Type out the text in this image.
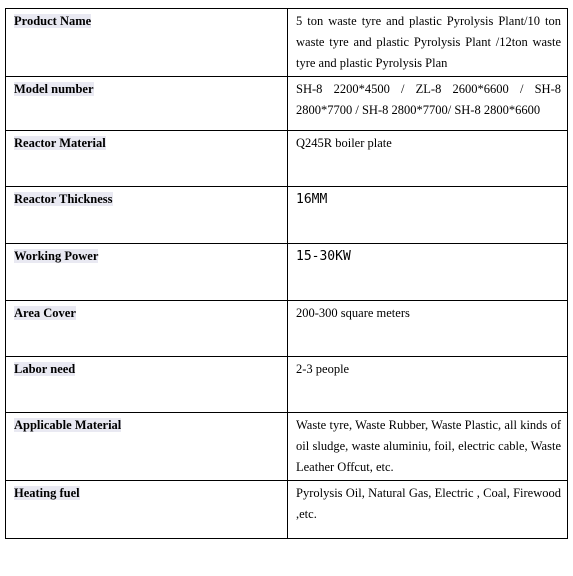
Product Name	5 ton waste tyre and plastic Pyrolysis Plant/10 ton waste tyre and plastic Pyrolysis Plant /12ton waste tyre and plastic Pyrolysis Plan
Model number	SH-8 2200*4500 / ZL-8 2600*6600 / SH-8 2800*7700 / SH-8 2800*7700/ SH-8 2800*6600
Reactor Material	Q245R boiler plate
Reactor Thickness	16MM
Working Power	15-30KW
Area Cover	200-300 square meters
Labor need	2-3 people
Applicable Material	Waste tyre, Waste Rubber, Waste Plastic, all kinds of oil sludge, waste aluminiu, foil, electric cable, Waste Leather Offcut, etc.
Heating fuel	Pyrolysis Oil, Natural Gas, Electric , Coal, Firewood ,etc.
